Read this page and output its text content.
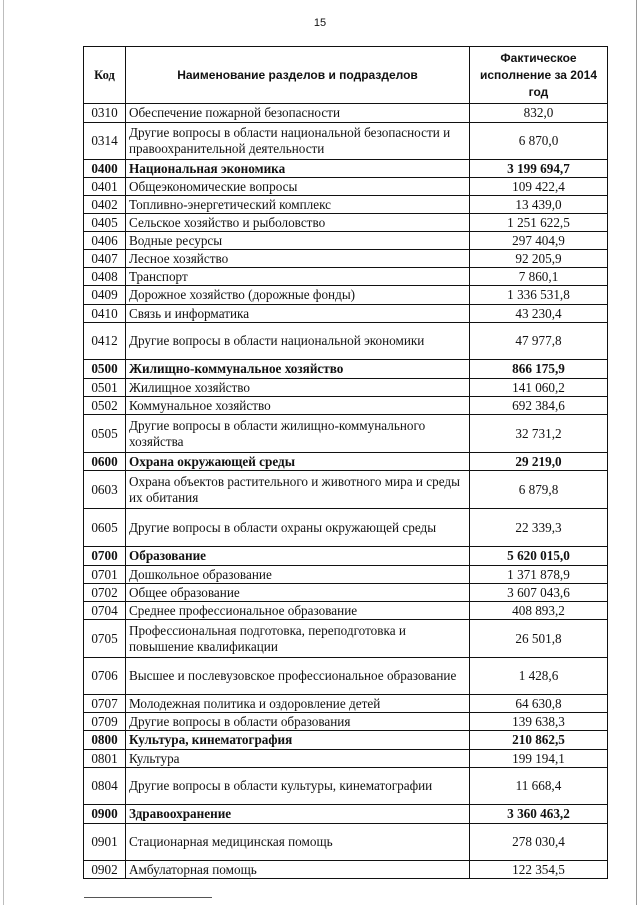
15
Код	Наименование разделов и подразделов	Фактическое исполнение за 2014 год
0310	Обеспечение пожарной безопасности	832,0
0314	Другие вопросы в области национальной безопасности и правоохранительной деятельности	6 870,0
0400	Национальная экономика	3 199 694,7
0401	Общеэкономические вопросы	109 422,4
0402	Топливно-энергетический комплекс	13 439,0
0405	Сельское хозяйство и рыболовство	1 251 622,5
0406	Водные ресурсы	297 404,9
0407	Лесное хозяйство	92 205,9
0408	Транспорт	7 860,1
0409	Дорожное хозяйство (дорожные фонды)	1 336 531,8
0410	Связь и информатика	43 230,4
0412	Другие вопросы в области национальной экономики	47 977,8
0500	Жилищно-коммунальное хозяйство	866 175,9
0501	Жилищное хозяйство	141 060,2
0502	Коммунальное хозяйство	692 384,6
0505	Другие вопросы в области жилищно-коммунального хозяйства	32 731,2
0600	Охрана окружающей среды	29 219,0
0603	Охрана объектов растительного и животного мира и среды их обитания	6 879,8
0605	Другие вопросы в области охраны окружающей среды	22 339,3
0700	Образование	5 620 015,0
0701	Дошкольное образование	1 371 878,9
0702	Общее образование	3 607 043,6
0704	Среднее профессиональное образование	408 893,2
0705	Профессиональная подготовка, переподготовка и повышение квалификации	26 501,8
0706	Высшее и послевузовское профессиональное образование	1 428,6
0707	Молодежная политика и оздоровление детей	64 630,8
0709	Другие вопросы в области образования	139 638,3
0800	Культура, кинематография	210 862,5
0801	Культура	199 194,1
0804	Другие вопросы в области культуры, кинематографии	11 668,4
0900	Здравоохранение	3 360 463,2
0901	Стационарная медицинская помощь	278 030,4
0902	Амбулаторная помощь	122 354,5
